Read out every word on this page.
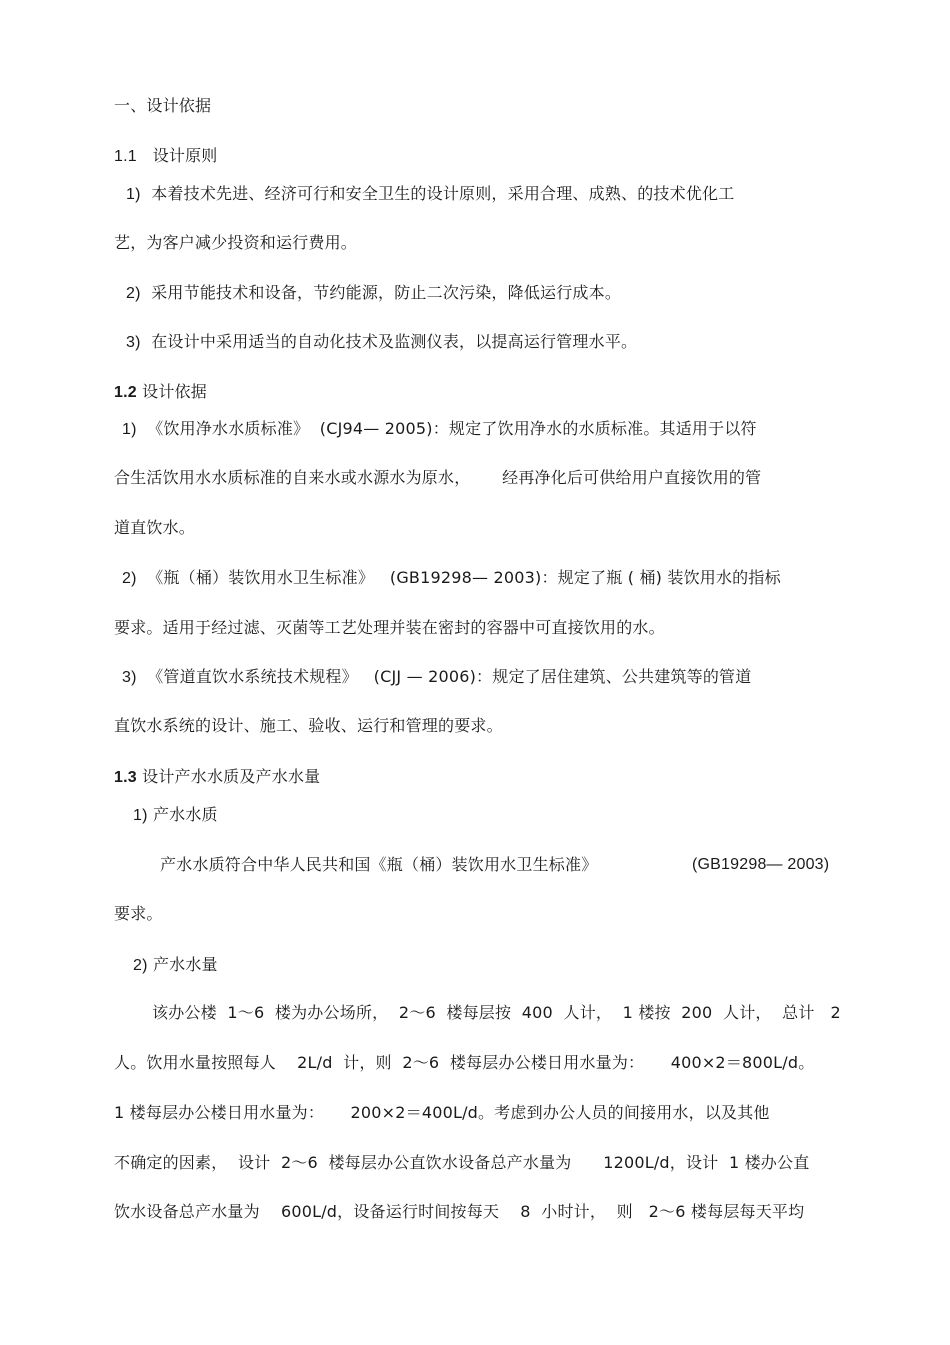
一、设计依据
1.1 设计原则
1) 本着技术先进、经济可行和安全卫生的设计原则，采用合理、成熟、的技术优化工
艺，为客户减少投资和运行费用。
2) 采用节能技术和设备，节约能源，防止二次污染，降低运行成本。
3) 在设计中采用适当的自动化技术及监测仪表，以提高运行管理水平。
1.2 设计依据
1) 《饮用净水水质标准》  (CJ94— 2005)：规定了饮用净水的水质标准。其适用于以符
合生活饮用水水质标准的自来水或水源水为原水，      经再净化后可供给用户直接饮用的管
道直饮水。
2) 《瓶（桶）装饮用水卫生标准》   (GB19298— 2003)：规定了瓶 ( 桶) 装饮用水的指标
要求。适用于经过滤、灭菌等工艺处理并装在密封的容器中可直接饮用的水。
3) 《管道直饮水系统技术规程》   (CJJ — 2006)：规定了居住建筑、公共建筑等的管道
直饮水系统的设计、施工、验收、运行和管理的要求。
1.3 设计产水水质及产水水量
1) 产水水质
产水水质符合中华人民共和国《瓶（桶）装饮用水卫生标准》	(GB19298— 2003)
要求。
2) 产水水量
该办公楼  1～6  楼为办公场所，  2～6  楼每层按  400  人计，  1 楼按  200  人计，  总计   2
人。饮用水量按照每人    2L/d  计，则  2～6  楼每层办公楼日用水量为：     400×2＝800L/d。
1 楼每层办公楼日用水量为：     200×2＝400L/d。考虑到办公人员的间接用水，以及其他
不确定的因素，  设计  2～6  楼每层办公直饮水设备总产水量为      1200L/d，设计  1 楼办公直
饮水设备总产水量为    600L/d，设备运行时间按每天    8  小时计，  则   2～6 楼每层每天平均
